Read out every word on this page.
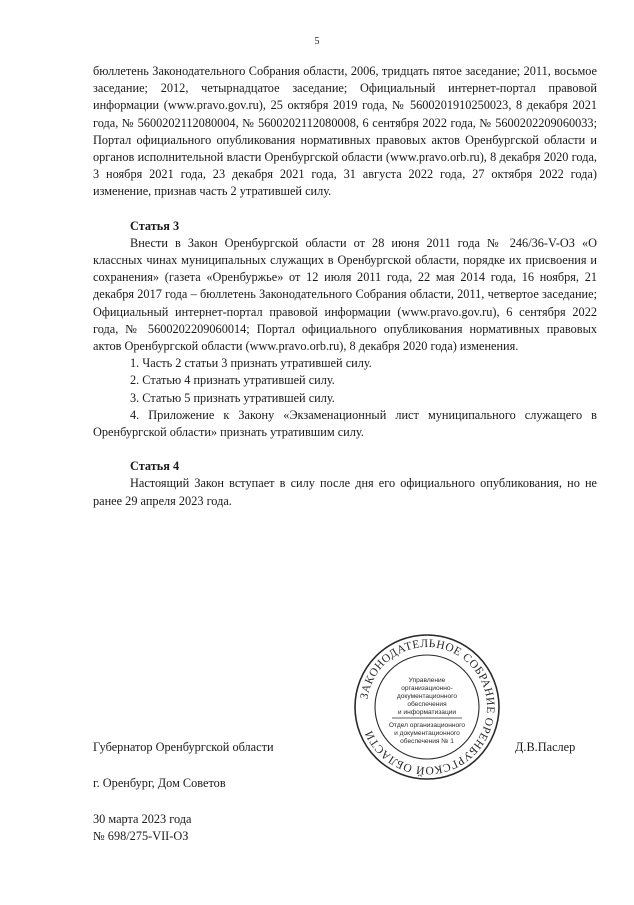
5

бюллетень Законодательного Собрания области, 2006, тридцать пятое заседание; 2011, восьмое заседание; 2012, четырнадцатое заседание; Официальный интернет-портал правовой информации (www.pravo.gov.ru), 25 октября 2019 года, № 5600201910250023, 8 декабря 2021 года, № 5600202112080004, № 5600202112080008, 6 сентября 2022 года, № 5600202209060033; Портал официального опубликования нормативных правовых актов Оренбургской области и органов исполнительной власти Оренбургской области (www.pravo.orb.ru), 8 декабря 2020 года, 3 ноября 2021 года, 23 декабря 2021 года, 31 августа 2022 года, 27 октября 2022 года) изменение, признав часть 2 утратившей силу.

Статья 3

Внести в Закон Оренбургской области от 28 июня 2011 года № 246/36-V-ОЗ «О классных чинах муниципальных служащих в Оренбургской области, порядке их присвоения и сохранения» (газета «Оренбуржье» от 12 июля 2011 года, 22 мая 2014 года, 16 ноября, 21 декабря 2017 года – бюллетень Законодательного Собрания области, 2011, четвертое заседание; Официальный интернет-портал правовой информации (www.pravo.gov.ru), 6 сентября 2022 года, № 5600202209060014; Портал официального опубликования нормативных правовых актов Оренбургской области (www.pravo.orb.ru), 8 декабря 2020 года) изменения.

1. Часть 2 статьи 3 признать утратившей силу.

2. Статью 4 признать утратившей силу.

3. Статью 5 признать утратившей силу.

4. Приложение к Закону «Экзаменационный лист муниципального служащего в Оренбургской области» признать утратившим силу.

Статья 4

Настоящий Закон вступает в силу после дня его официального опубликования, но не ранее 29 апреля 2023 года.

ЗАКОНОДАТЕЛЬНОЕ СОБРАНИЕ ОРЕНБУРГСКОЙ ОБЛАСТИ
Управление
организационно-
документационного
обеспечения
и информатизации
Отдел организационного
и документационного
обеспечения № 1
Губернатор Оренбургской области	Д.В.Паслер
г. Оренбург, Дом Советов
30 марта 2023 года
№ 698/275-VII-ОЗ
